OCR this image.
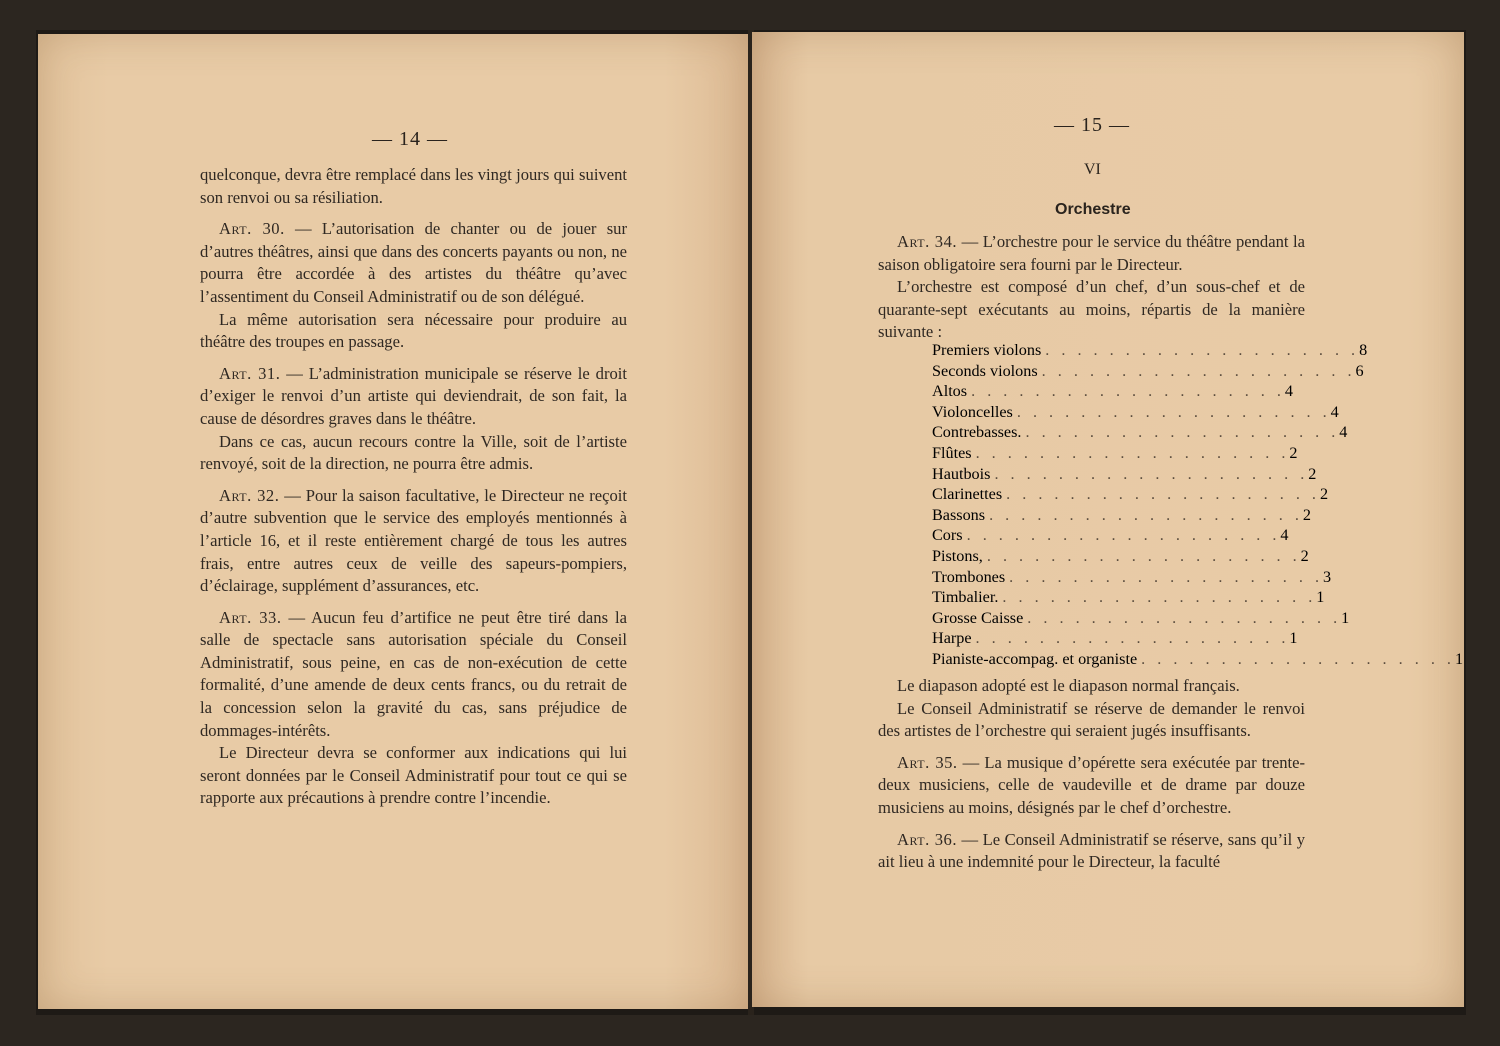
— 14 —

quelconque, devra être remplacé dans les vingt jours qui suivent son renvoi ou sa résiliation.

Art. 30. — L’autorisation de chanter ou de jouer sur d’autres théâtres, ainsi que dans des concerts payants ou non, ne pourra être accordée à des artistes du théâtre qu’avec l’assentiment du Conseil Administratif ou de son délégué.

La même autorisation sera nécessaire pour produire au théâtre des troupes en passage.

Art. 31. — L’administration municipale se réserve le droit d’exiger le renvoi d’un artiste qui deviendrait, de son fait, la cause de désordres graves dans le théâtre.

Dans ce cas, aucun recours contre la Ville, soit de l’artiste renvoyé, soit de la direction, ne pourra être admis.

Art. 32. — Pour la saison facultative, le Directeur ne reçoit d’autre subvention que le service des employés mentionnés à l’article 16, et il reste entièrement chargé de tous les autres frais, entre autres ceux de veille des sapeurs-pompiers, d’éclairage, supplément d’assurances, etc.

Art. 33. — Aucun feu d’artifice ne peut être tiré dans la salle de spectacle sans autorisation spéciale du Conseil Administratif, sous peine, en cas de non-exécution de cette formalité, d’une amende de deux cents francs, ou du retrait de la concession selon la gravité du cas, sans préjudice de dommages-intérêts.

Le Directeur devra se conformer aux indications qui lui seront données par le Conseil Administratif pour tout ce qui se rapporte aux précautions à prendre contre l’incendie.

— 15 —
VI
Orchestre

Art. 34. — L’orchestre pour le service du théâtre pendant la saison obligatoire sera fourni par le Directeur.

L’orchestre est composé d’un chef, d’un sous-chef et de quarante-sept exécutants au moins, répartis de la manière suivante :

Premiers violons . . . . . . . . . . . . . . . . . . . . 8
Seconds violons . . . . . . . . . . . . . . . . . . . . 6
Altos . . . . . . . . . . . . . . . . . . . . 4
Violoncelles . . . . . . . . . . . . . . . . . . . . 4
Contrebasses. . . . . . . . . . . . . . . . . . . . . 4
Flûtes . . . . . . . . . . . . . . . . . . . . 2
Hautbois . . . . . . . . . . . . . . . . . . . . 2
Clarinettes . . . . . . . . . . . . . . . . . . . . 2
Bassons . . . . . . . . . . . . . . . . . . . . 2
Cors . . . . . . . . . . . . . . . . . . . . 4
Pistons, . . . . . . . . . . . . . . . . . . . . 2
Trombones . . . . . . . . . . . . . . . . . . . . 3
Timbalier. . . . . . . . . . . . . . . . . . . . . 1
Grosse Caisse . . . . . . . . . . . . . . . . . . . . 1
Harpe . . . . . . . . . . . . . . . . . . . . 1
Pianiste-accompag. et organiste . . . . . . . . . . . . . . . . . . . . 1

Le diapason adopté est le diapason normal français.

Le Conseil Administratif se réserve de demander le renvoi des artistes de l’orchestre qui seraient jugés insuffisants.

Art. 35. — La musique d’opérette sera exécutée par trente-deux musiciens, celle de vaudeville et de drame par douze musiciens au moins, désignés par le chef d’orchestre.

Art. 36. — Le Conseil Administratif se réserve, sans qu’il y ait lieu à une indemnité pour le Directeur, la faculté
